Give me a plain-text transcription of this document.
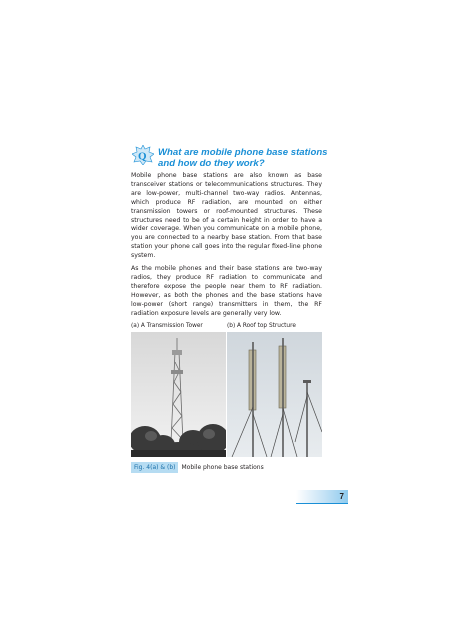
Q What are mobile phone base stations and how do they work?

Mobile phone base stations are also known as base transceiver stations or telecommunications structures. They are low-power, multi-channel two-way radios. Antennas, which produce RF radiation, are mounted on either transmission towers or roof-mounted structures. These structures need to be of a certain height in order to have a wider coverage. When you communicate on a mobile phone, you are connected to a nearby base station. From that base station your phone call goes into the regular fixed-line phone system.

As the mobile phones and their base stations are two-way radios, they produce RF radiation to communicate and therefore expose the people near them to RF radiation. However, as both the phones and the base stations have low-power (short range) transmitters in them, the RF radiation exposure levels are generally very low.

(a) A Transmission Tower	(b) A Roof top Structure
Fig. 4(a) & (b)	Mobile phone base stations
7
